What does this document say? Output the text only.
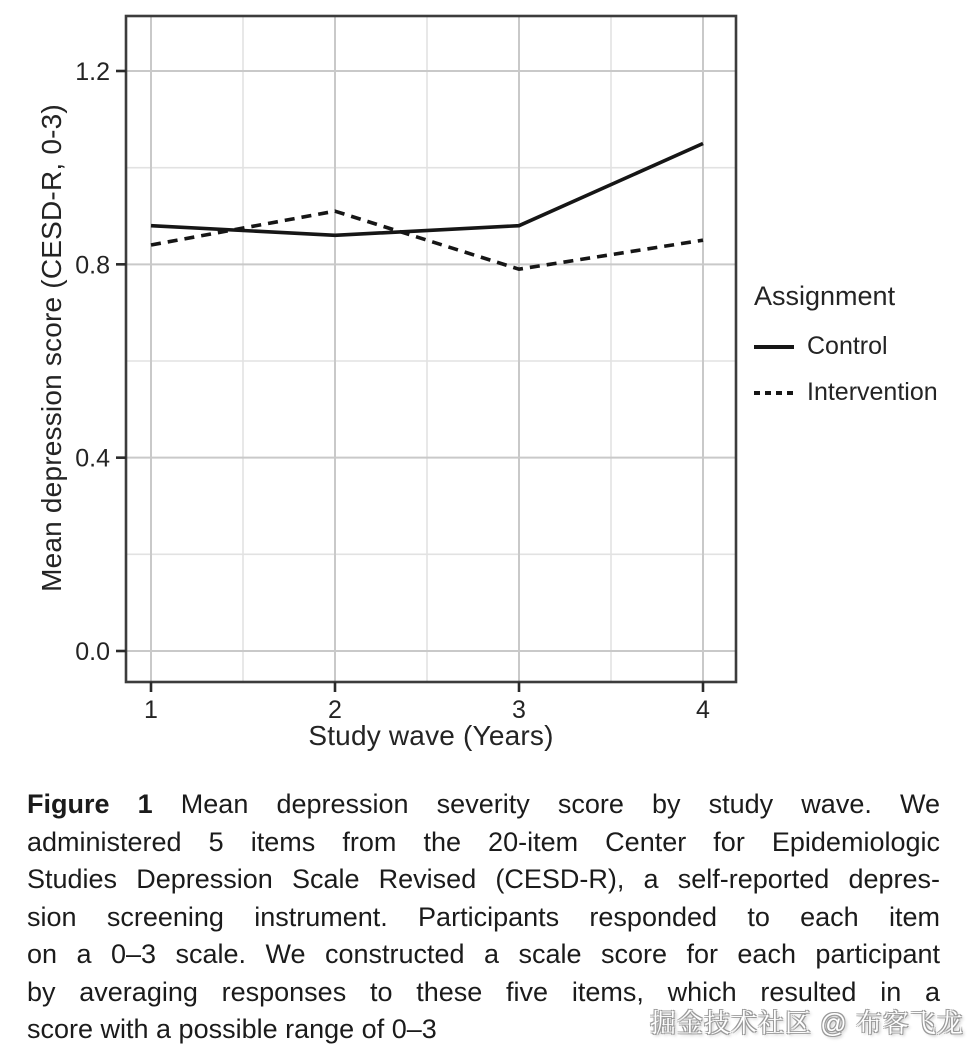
1	2	3	4
0.0
0.4
0.8
1.2
Study wave (Years)
Mean depression score (CESD-R, 0-3)	Assignment
Control
Intervention
Figure 1 Mean depression severity score by study wave. We
administered 5 items from the 20-item Center for Epidemiologic
Studies Depression Scale Revised (CESD-R), a self-reported depres-
sion screening instrument. Participants responded to each item
on a 0–3 scale. We constructed a scale score for each participant
by averaging responses to these five items, which resulted in a
score with a possible range of 0–3	掘金技术社区 @ 布客飞龙
